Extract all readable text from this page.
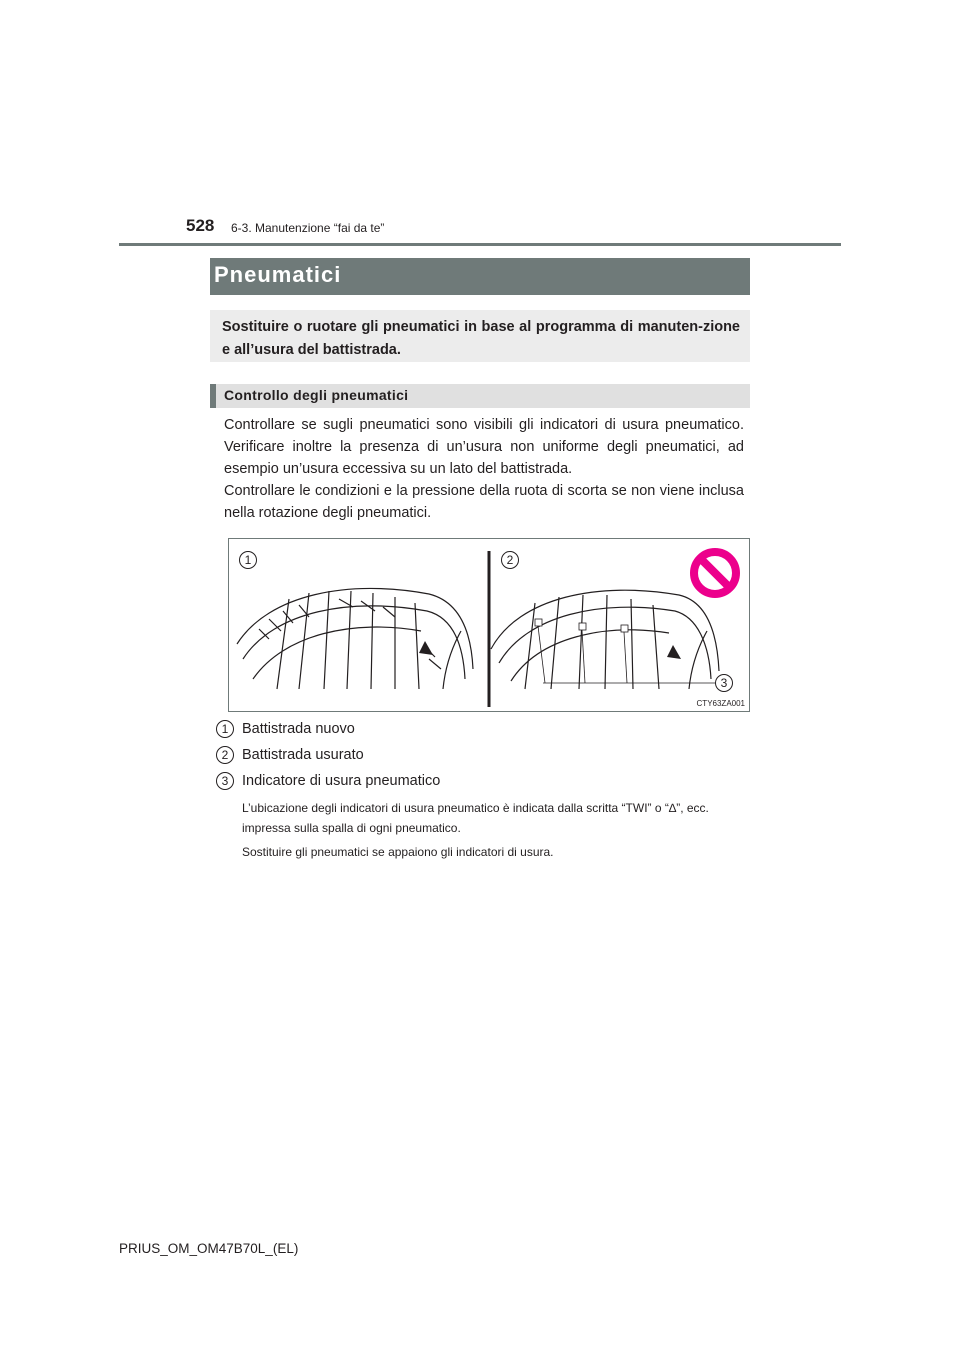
528 6-3. Manutenzione “fai da te”
Pneumatici
Sostituire o ruotare gli pneumatici in base al programma di manuten-zione e all’usura del battistrada.
Controllo degli pneumatici

Controllare se sugli pneumatici sono visibili gli indicatori di usura pneumatico. Verificare inoltre la presenza di un’usura non uniforme degli pneumatici, ad esempio un’usura eccessiva su un lato del battistrada.

Controllare le condizioni e la pressione della ruota di scorta se non viene inclusa nella rotazione degli pneumatici.

1	2
3
CTY63ZA001
1 Battistrada nuovo
2 Battistrada usurato
3 Indicatore di usura pneumatico

L’ubicazione degli indicatori di usura pneumatico è indicata dalla scritta “TWI” o “∆”, ecc. impressa sulla spalla di ogni pneumatico.

Sostituire gli pneumatici se appaiono gli indicatori di usura.

PRIUS_OM_OM47B70L_(EL)
